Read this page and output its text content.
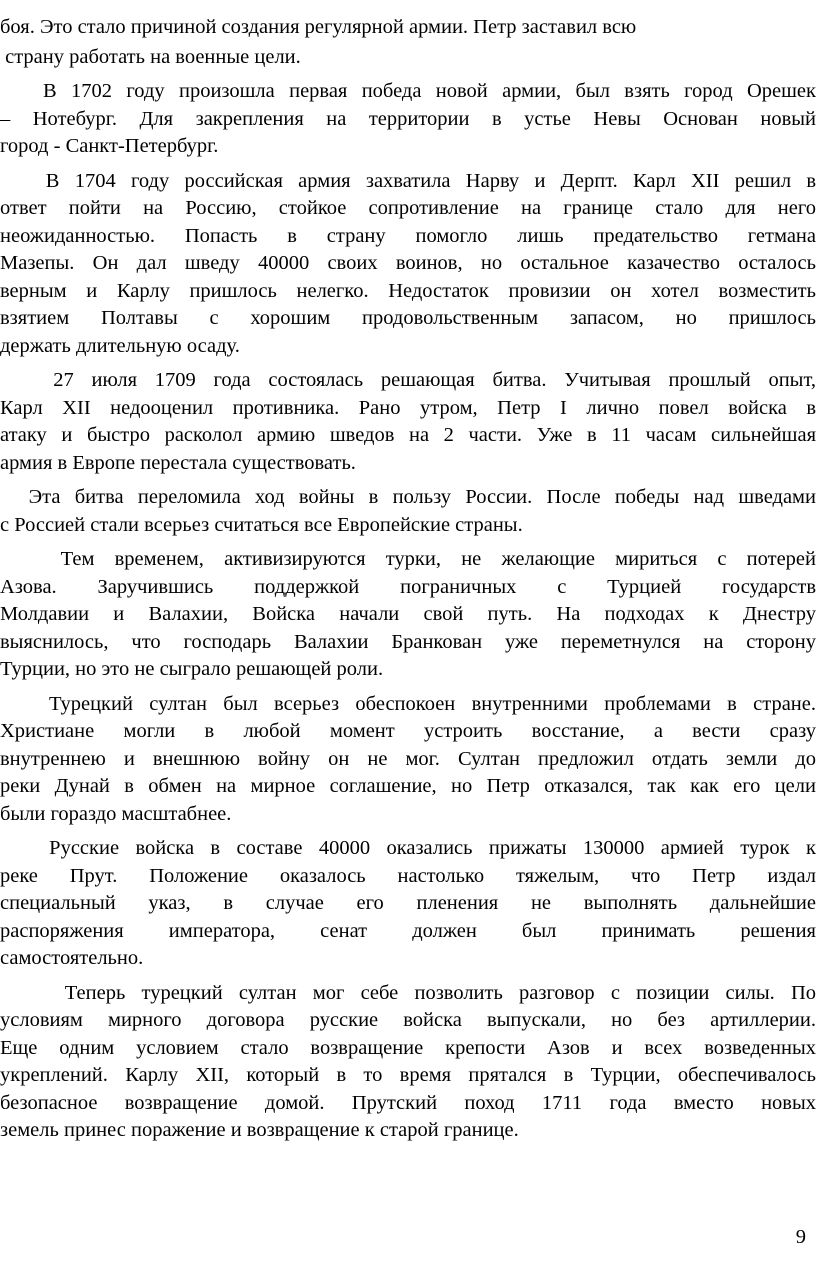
боя. Это стало причиной создания регулярной армии. Петр заставил всю
страну работать на военные цели.
В 1702 году произошла первая победа новой армии, был взять город Орешек
– Нотебург. Для закрепления на территории в устье Невы Основан новый
город - Санкт-Петербург.
В 1704 году российская армия захватила Нарву и Дерпт. Карл XII решил в
ответ пойти на Россию, стойкое сопротивление на границе стало для него
неожиданностью. Попасть в страну помогло лишь предательство гетмана
Мазепы. Он дал шведу 40000 своих воинов, но остальное казачество осталось
верным и Карлу пришлось нелегко. Недостаток провизии он хотел возместить
взятием Полтавы с хорошим продовольственным запасом, но пришлось
держать длительную осаду.
27 июля 1709 года состоялась решающая битва. Учитывая прошлый опыт,
Карл XII недооценил противника. Рано утром, Петр I лично повел войска в
атаку и быстро расколол армию шведов на 2 части. Уже в 11 часам сильнейшая
армия в Европе перестала существовать.
Эта битва переломила ход войны в пользу России. После победы над шведами
с Россией стали всерьез считаться все Европейские страны.
Тем временем, активизируются турки, не желающие мириться с потерей
Азова. Заручившись поддержкой пограничных с Турцией государств
Молдавии и Валахии, Войска начали свой путь. На подходах к Днестру
выяснилось, что господарь Валахии Бранкован уже переметнулся на сторону
Турции, но это не сыграло решающей роли.
Турецкий султан был всерьез обеспокоен внутренними проблемами в стране.
Христиане могли в любой момент устроить восстание, а вести сразу
внутреннею и внешнюю войну он не мог. Султан предложил отдать земли до
реки Дунай в обмен на мирное соглашение, но Петр отказался, так как его цели
были гораздо масштабнее.
Русские войска в составе 40000 оказались прижаты 130000 армией турок к
реке Прут. Положение оказалось настолько тяжелым, что Петр издал
специальный указ, в случае его пленения не выполнять дальнейшие
распоряжения императора, сенат должен был принимать решения
самостоятельно.
Теперь турецкий султан мог себе позволить разговор с позиции силы. По
условиям мирного договора русские войска выпускали, но без артиллерии.
Еще одним условием стало возвращение крепости Азов и всех возведенных
укреплений. Карлу XII, который в то время прятался в Турции, обеспечивалось
безопасное возвращение домой. Прутский поход 1711 года вместо новых
земель принес поражение и возвращение к старой границе.
9
